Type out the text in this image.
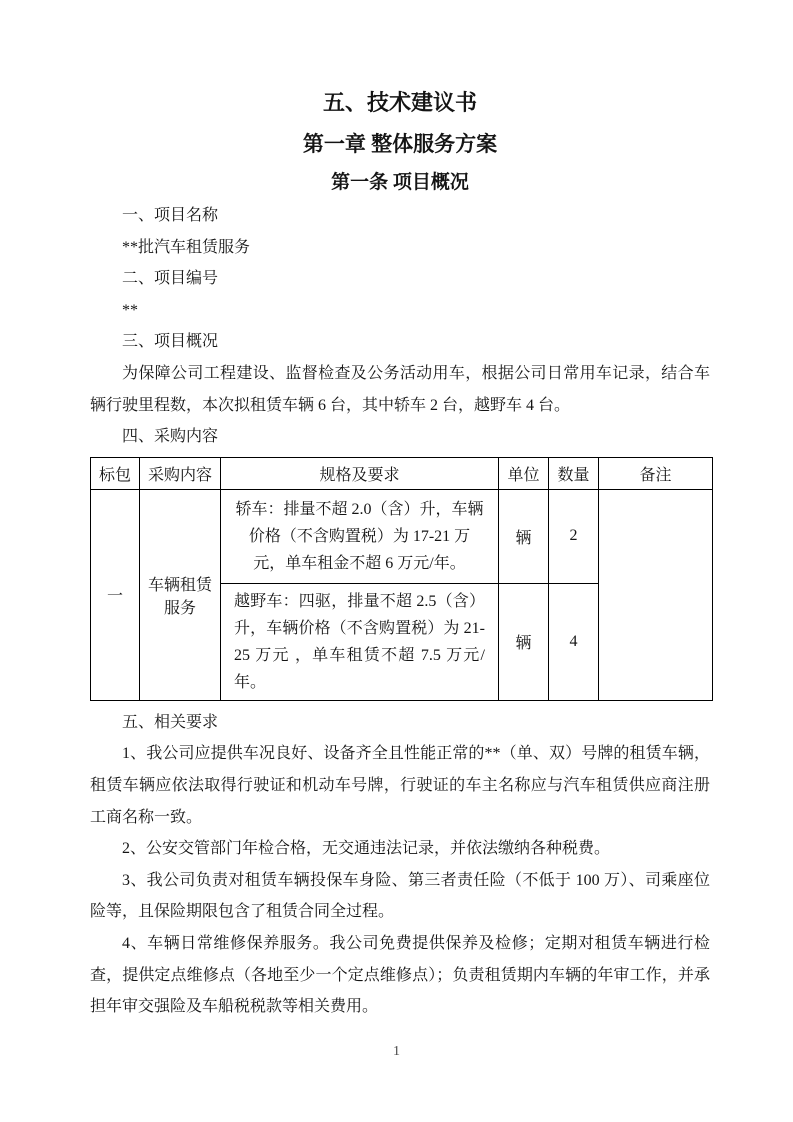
五、技术建议书
第一章 整体服务方案
第一条 项目概况

一、项目名称

**批汽车租赁服务

二、项目编号

**

三、项目概况

为保障公司工程建设、监督检查及公务活动用车，根据公司日常用车记录，结合车辆行驶里程数，本次拟租赁车辆 6 台，其中轿车 2 台，越野车 4 台。

四、采购内容

标包	采购内容	规格及要求	单位	数量	备注
一	车辆租赁服务	轿车：排量不超 2.0（含）升，车辆价格（不含购置税）为 17-21 万元，单车租金不超 6 万元/年。	辆	2	
		越野车：四驱，排量不超 2.5（含）升，车辆价格（不含购置税）为 21-25 万元 ，单车租赁不超 7.5 万元/年。	辆	4	

五、相关要求

1、我公司应提供车况良好、设备齐全且性能正常的**（单、双）号牌的租赁车辆，租赁车辆应依法取得行驶证和机动车号牌，行驶证的车主名称应与汽车租赁供应商注册工商名称一致。

2、公安交管部门年检合格，无交通违法记录，并依法缴纳各种税费。

3、我公司负责对租赁车辆投保车身险、第三者责任险（不低于 100 万）、司乘座位险等，且保险期限包含了租赁合同全过程。

4、车辆日常维修保养服务。我公司免费提供保养及检修；定期对租赁车辆进行检查，提供定点维修点（各地至少一个定点维修点）；负责租赁期内车辆的年审工作，并承担年审交强险及车船税税款等相关费用。

1
